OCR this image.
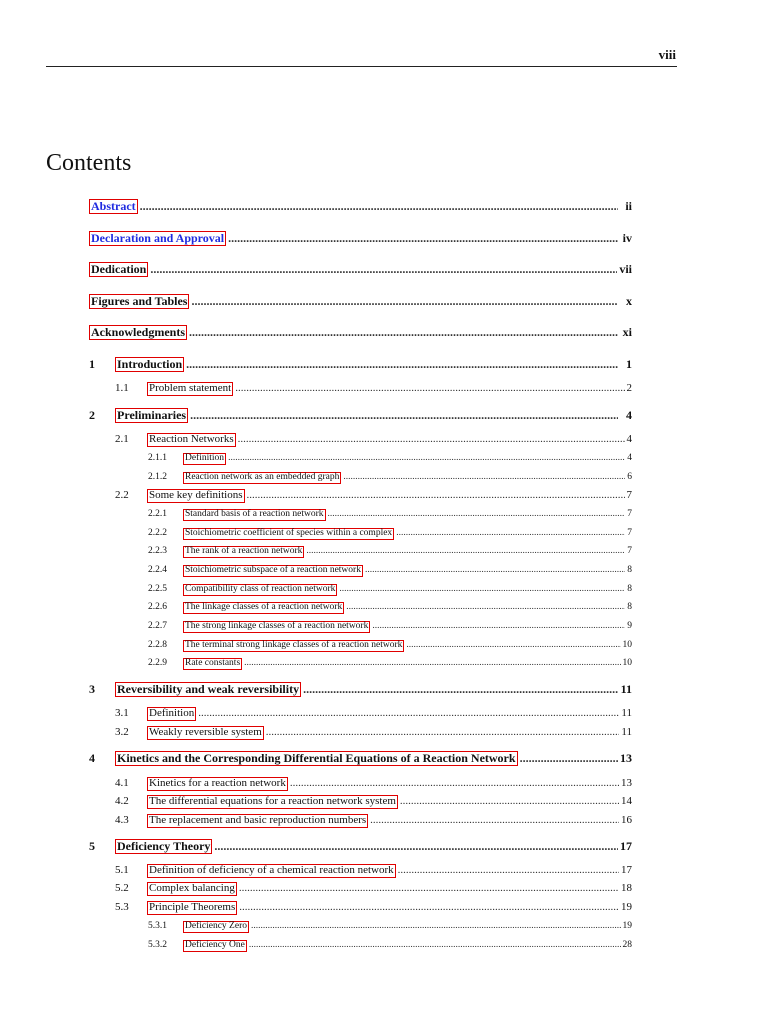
viii
Contents
Abstract .....	ii
Declaration and Approval .....	iv
Dedication .....	vii
Figures and Tables .....	x
Acknowledgments .....	xi
1	Introduction .....	1
1.1	Problem statement .....	2
2	Preliminaries .....	4
2.1	Reaction Networks .....	4
2.1.1	Definition .....	4
2.1.2	Reaction network as an embedded graph .....	6
2.2	Some key definitions .....	7
2.2.1	Standard basis of a reaction network .....	7
2.2.2	Stoichiometric coefficient of species within a complex .....	7
2.2.3	The rank of a reaction network .....	7
2.2.4	Stoichiometric subspace of a reaction network .....	8
2.2.5	Compatibility class of reaction network .....	8
2.2.6	The linkage classes of a reaction network .....	8
2.2.7	The strong linkage classes of a reaction network .....	9
2.2.8	The terminal strong linkage classes of a reaction network .....	10
2.2.9	Rate constants .....	10
3	Reversibility and weak reversibility .....	11
3.1	Definition .....	11
3.2	Weakly reversible system .....	11
4	Kinetics and the Corresponding Differential Equations of a Reaction Network .....	13
4.1	Kinetics for a reaction network .....	13
4.2	The differential equations for a reaction network system .....	14
4.3	The replacement and basic reproduction numbers .....	16
5	Deficiency Theory .....	17
5.1	Definition of deficiency of a chemical reaction network .....	17
5.2	Complex balancing .....	18
5.3	Principle Theorems .....	19
5.3.1	Deficiency Zero .....	19
5.3.2	Deficiency One .....	28
